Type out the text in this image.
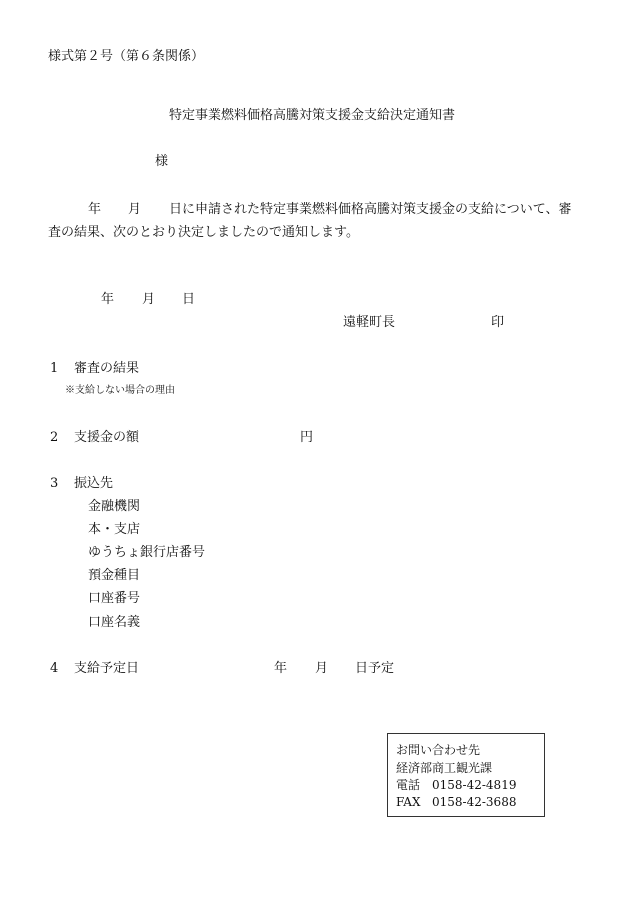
様式第２号（第６条関係）
特定事業燃料価格高騰対策支援金支給決定通知書
様
年 月 日に申請された特定事業燃料価格高騰対策支援金の支給について、審
査の結果、次のとおり決定しましたので通知します。
年 月 日
遠軽町長	印
1 審査の結果
※支給しない場合の理由
2 支援金の額	円
3 振込先
金融機関
本・支店
ゆうちょ銀行店番号
預金種目
口座番号
口座名義
4 支給予定日	年 月 日予定
お問い合わせ先
経済部商工観光課
電話 0158-42-4819
FAX 0158-42-3688
